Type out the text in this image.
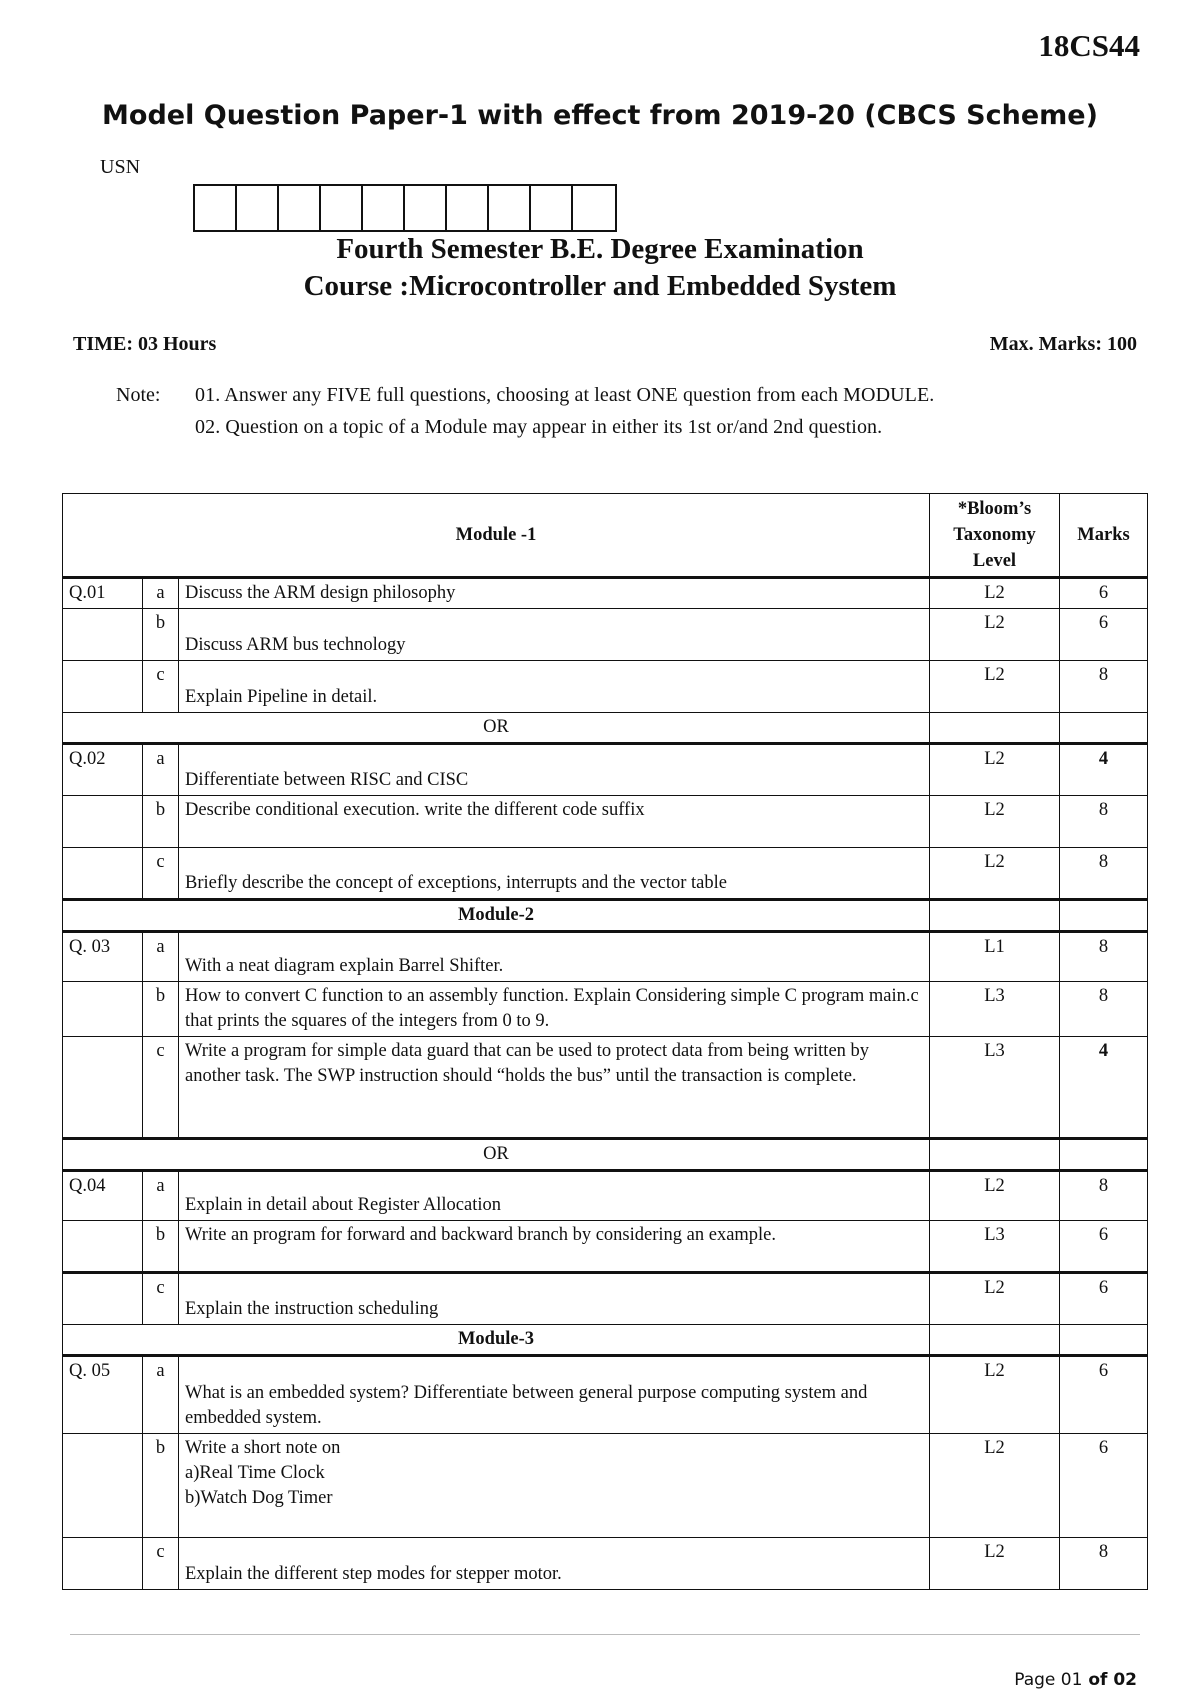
18CS44
Model Question Paper-1 with effect from 2019-20 (CBCS Scheme)
USN
Fourth Semester B.E. Degree Examination
Course :Microcontroller and Embedded System
TIME: 03 Hours	Max. Marks: 100
Note: 01. Answer any FIVE full questions, choosing at least ONE question from each MODULE.
02. Question on a topic of a Module may appear in either its 1st or/and 2nd question.
Module -1			*Bloom’s Taxonomy Level	Marks
Q.01	a	Discuss the ARM design philosophy	L2	6
	b	Discuss ARM bus technology	L2	6
	c	Explain Pipeline in detail.	L2	8
OR				
Q.02	a	Differentiate between RISC and CISC	L2	4
	b	Describe conditional execution. write the different code suffix	L2	8
	c	Briefly describe the concept of exceptions, interrupts and the vector table	L2	8
Module-2				
Q. 03	a	With a neat diagram explain Barrel Shifter.	L1	8
	b	How to convert C function to an assembly function. Explain Considering simple C program main.c that prints the squares of the integers from 0 to 9.	L3	8
	c	Write a program for simple data guard that can be used to protect data from being written by another task. The SWP instruction should “holds the bus” until the transaction is complete.	L3	4
OR				
Q.04	a	Explain in detail about Register Allocation	L2	8
	b	Write an program for forward and backward branch by considering an example.	L3	6
	c	Explain the instruction scheduling	L2	6
Module-3				
Q. 05	a	What is an embedded system? Differentiate between general purpose computing system and embedded system.	L2	6
	b	Write a short note on
a)Real Time Clock
b)Watch Dog Timer	L2	6
	c	Explain the different step modes for stepper motor.	L2	8
Page 01 of 02
